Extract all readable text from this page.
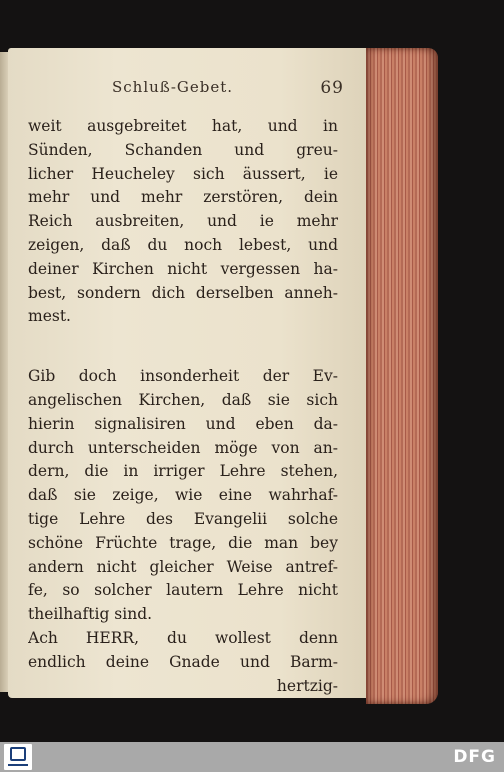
Schluß-Gebet.	69
weit ausgebreitet hat, und in
Sünden, Schanden und greu-
licher Heucheley sich äussert, ie
mehr und mehr zerstören, dein
Reich ausbreiten, und ie mehr
zeigen, daß du noch lebest, und
deiner Kirchen nicht vergessen ha-
best, sondern dich derselben anneh-
mest.
Gib doch insonderheit der Ev-
angelischen Kirchen, daß sie sich
hierin signalisiren und eben da-
durch unterscheiden möge von an-
dern, die in irriger Lehre stehen,
daß sie zeige, wie eine wahrhaf-
tige Lehre des Evangelii solche
schöne Früchte trage, die man bey
andern nicht gleicher Weise antref-
fe, so solcher lautern Lehre nicht
theilhaftig sind.
Ach HERR, du wollest denn
endlich deine Gnade und Barm-
hertzig-
DFG
